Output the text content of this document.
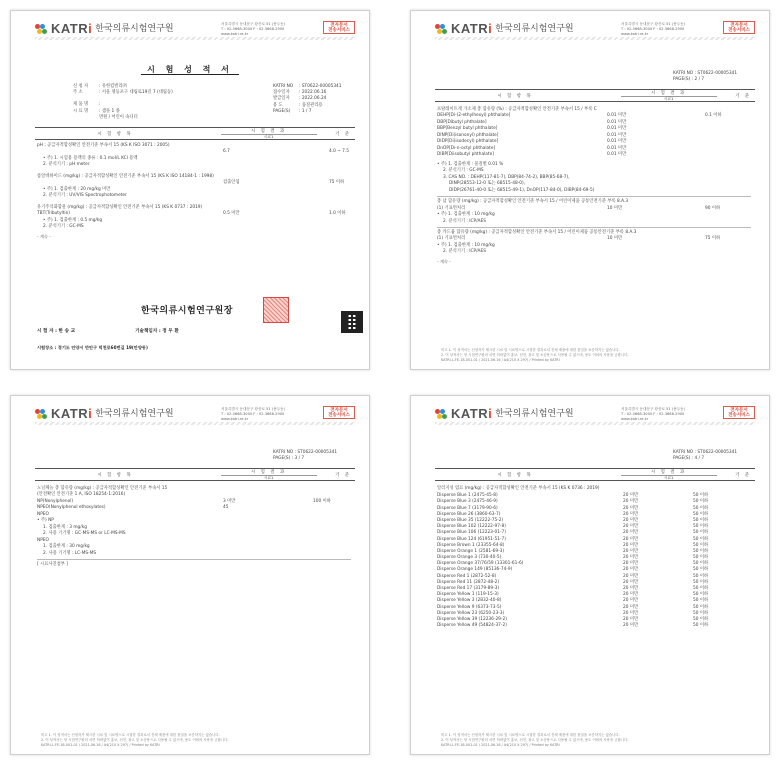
KATRi 한국의류시험연구원	서울특별시 동대문구 왕산로 51 (용두동)
T : 02-3668-3000 F : 02-3668-2900
www.katri.re.kr
전자문서
전송서비스
시 험 성 적 서
신 청 자	: 유한킴벌리㈜
주 소	: 서울 영등포구 대림로19길 7 (대림동)
제 품 명	:
시 료 명	: 샘플 1 종
면원 / 어린이 속디터
KATRI NO	: ST0622-00005341
접수일자	: 2022.06.16
발급일자	: 2022.06.24
용 도	: 품질관리용
PAGE(S)	: 1 / 7
시 험 항 목
시 험 결 과
시료1	기 준
pH : 공급자적합성확인 안전기준 부속서 15 (KS K ISO 3071 : 2005)
6.7	4.0 ~ 7.5
• 주) 1. 시험용 용액의 종류 : 0.1 mol/L KCl 용액
2. 분석기기 : pH meter
폼알데하이드 (mg/kg) : 공급자적합성확인 안전기준 부속서 15 (KS K ISO 14184-1 : 1998)
검출안됨	75 이하
• 주) 1. 검출한계 : 20 mg/kg 미만
2. 분석기기 : UV/VIS Spectrophotometer
유기주석화합물 (mg/kg) : 공급자적합성확인 안전기준 부속서 15 (KS K 0737 : 2019)
TBT(Tributyltin)	0.5 미만	1.0 이하
• 주) 1. 검출한계 : 0.5 mg/kg
2. 분석기기 : GC-MS
- 계속 -
한국의류시험연구원장
시 험 자 : 한 송 교	기술책임자 : 정 두 환
시험장소 : 경기도 안양시 만안구 덕천로60번길 19(안양동)
KATRi 한국의류시험연구원	서울특별시 동대문구 왕산로 51 (용두동)
T : 02-3668-3000 F : 02-3668-2900
www.katri.re.kr
전자문서
전송서비스
KATRI NO : ST0622-00005341
PAGE(S) : 2 / 7
시 험 항 목
시 험 결 과
시료1	기 준
프탈레이트계 가소제 총 함유량 (%) : 공급자적합성확인 안전기준 부속서 15 / 부록 C
DEHP[Di-(2-ethylhexyl) phthalate]	0.01 미만	0.1 이하
DBP[Dibutyl phthalate]	0.01 미만
BBP[Benzyl butyl phthalate]	0.01 미만
DINP[Di(isononyl) phthalate]	0.01 미만
DIDP[Di(isodecyl) phthalate]	0.01 미만
DnOP[Di-n-octyl phthalate]	0.01 미만
DIBP[Diisobutyl phthalate]	0.01 미만
• 주) 1. 검출한계 : 물질별 0.01 %
2. 분석기기 : GC-MS
3. CAS NO. : DEHP(117-81-7), DBP(84-74-2), BBP(85-68-7),
DINP(28553-12-0 또는 68515-48-0),
DIDP(26761-40-0 또는 68515-49-1), DnOP(117-84-0), DIBP(84-69-5)
총 납 함유량 (mg/kg) : 공급자적합성확인 안전기준 부속서 15 / 어린이제품 공통안전기준 부록 8.A.3
(1) 기표면처리	10 미만	90 이하
• 주) 1. 검출한계 : 10 mg/kg
2. 분석기기 : ICP/AES
총 카드뮴 함유량 (mg/kg) : 공급자적합성확인 안전기준 부속서 15 / 어린이제품 공통안전기준 부록 8.A.3
(1) 기표면처리	10 미만	75 이하
• 주) 1. 검출한계 : 10 mg/kg
2. 분석기기 : ICP/AES
- 계속 -
비고 1. 이 성적서는 신청자가 제시한 시료 및 시료명으로 시험한 결과로서 전체 제품에 대한 품질을 보증하지는 않습니다.
2. 이 성적서는 당 시험연구원의 서면 허락없이 홍보, 선전, 광고 및 소송용으로 사용될 수 없으며, 용도 이외의 사용을 금합니다.
KATRI-L-FE-18-001-01 / 2021.06.16 / A4(210 X 297) / Printed by KATRI
KATRi 한국의류시험연구원	서울특별시 동대문구 왕산로 51 (용두동)
T : 02-3668-3000 F : 02-3668-2900
www.katri.re.kr
전자문서
전송서비스
KATRI NO : ST0622-00005341
PAGE(S) : 3 / 7
시 험 항 목
시 험 결 과
시료1	기 준
노닐페놀 총 함유량 (mg/kg) : 공급자적합성확인 안전기준 부속서 15
(안전확인 안전기준 1 A, ISO 18254-1:2016)
NP(Nonylphenol)	3 미만	100 이하
NPEO(Nonylphenol ethoxylates)	45
NPEO
• 주) NP
1. 검출한계 : 3 mg/kg
2. 사용 기기명 : GC-MS-MS or LC-MS-MS
NPEO
1. 검출한계 : 30 mg/kg
2. 사용 기기명 : LC-MS-MS
[ 시료사진첨부 ]
비고 1. 이 성적서는 신청자가 제시한 시료 및 시료명으로 시험한 결과로서 전체 제품에 대한 품질을 보증하지는 않습니다.
2. 이 성적서는 당 시험연구원의 서면 허락없이 홍보, 선전, 광고 및 소송용으로 사용될 수 없으며, 용도 이외의 사용을 금합니다.
KATRI-L-FE-18-001-01 / 2021.06.16 / A4(210 X 297) / Printed by KATRI
KATRi 한국의류시험연구원	서울특별시 동대문구 왕산로 51 (용두동)
T : 02-3668-3000 F : 02-3668-2900
www.katri.re.kr
전자문서
전송서비스
KATRI NO : ST0622-00005341
PAGE(S) : 4 / 7
시 험 항 목
시 험 결 과
시료1	기 준
알러지성 염료 (mg/kg) : 공급자적합성확인 안전기준 부속서 15 (KS K 0736 : 2019)
Disperse Blue 1 (2475-45-8)	20 미만	50 이하
Disperse Blue 3 (2475-46-9)	20 미만	50 이하
Disperse Blue 7 (3179-90-6)	20 미만	50 이하
Disperse Blue 26 (3860-63-7)	20 미만	50 이하
Disperse Blue 35 (12222-75-2)	20 미만	50 이하
Disperse Blue 102 (12222-97-8)	20 미만	50 이하
Disperse Blue 106 (12223-01-7)	20 미만	50 이하
Disperse Blue 124 (61951-51-7)	20 미만	50 이하
Disperse Brown 1 (23355-64-8)	20 미만	50 이하
Disperse Orange 1 (2581-69-3)	20 미만	50 이하
Disperse Orange 3 (730-40-5)	20 미만	50 이하
Disperse Orange 37/76/59 (13301-61-6)	20 미만	50 이하
Disperse Orange 149 (85136-74-9)	20 미만	50 이하
Disperse Red 1 (2872-52-8)	20 미만	50 이하
Disperse Red 11 (2872-48-2)	20 미만	50 이하
Disperse Red 17 (3179-89-3)	20 미만	50 이하
Disperse Yellow 1 (119-15-3)	20 미만	50 이하
Disperse Yellow 3 (2832-40-8)	20 미만	50 이하
Disperse Yellow 9 (6373-73-5)	20 미만	50 이하
Disperse Yellow 23 (6250-23-3)	20 미만	50 이하
Disperse Yellow 39 (12236-29-2)	20 미만	50 이하
Disperse Yellow 49 (54824-37-2)	20 미만	50 이하
비고 1. 이 성적서는 신청자가 제시한 시료 및 시료명으로 시험한 결과로서 전체 제품에 대한 품질을 보증하지는 않습니다.
2. 이 성적서는 당 시험연구원의 서면 허락없이 홍보, 선전, 광고 및 소송용으로 사용될 수 없으며, 용도 이외의 사용을 금합니다.
KATRI-L-FE-18-001-01 / 2021.06.16 / A4(210 X 297) / Printed by KATRI
